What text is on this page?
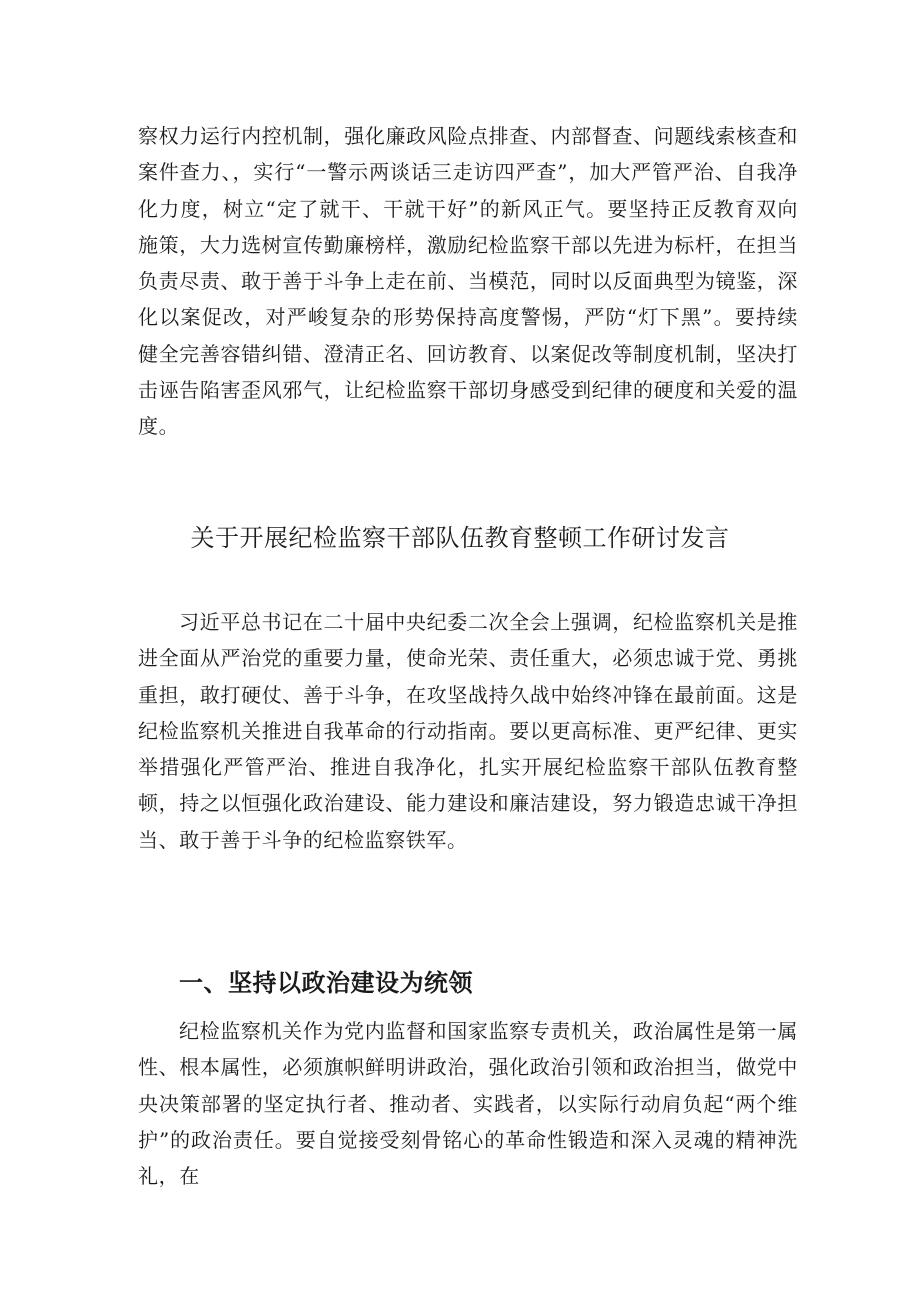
察权力运行内控机制，强化廉政风险点排查、内部督查、问题线索核查和案件查力、，实行“一警示两谈话三走访四严查”，加大严管严治、自我净化力度，树立“定了就干、干就干好”的新风正气。要坚持正反教育双向施策，大力选树宣传勤廉榜样，激励纪检监察干部以先进为标杆，在担当负责尽责、敢于善于斗争上走在前、当模范，同时以反面典型为镜鉴，深化以案促改，对严峻复杂的形势保持高度警惕，严防“灯下黑”。要持续健全完善容错纠错、澄清正名、回访教育、以案促改等制度机制，坚决打击诬告陷害歪风邪气，让纪检监察干部切身感受到纪律的硬度和关爱的温度。

关于开展纪检监察干部队伍教育整顿工作研讨发言

习近平总书记在二十届中央纪委二次全会上强调，纪检监察机关是推进全面从严治党的重要力量，使命光荣、责任重大，必须忠诚于党、勇挑重担，敢打硬仗、善于斗争，在攻坚战持久战中始终冲锋在最前面。这是纪检监察机关推进自我革命的行动指南。要以更高标准、更严纪律、更实举措强化严管严治、推进自我净化，扎实开展纪检监察干部队伍教育整顿，持之以恒强化政治建设、能力建设和廉洁建设，努力锻造忠诚干净担当、敢于善于斗争的纪检监察铁军。

一、坚持以政治建设为统领

纪检监察机关作为党内监督和国家监察专责机关，政治属性是第一属性、根本属性，必须旗帜鲜明讲政治，强化政治引领和政治担当，做党中央决策部署的坚定执行者、推动者、实践者，以实际行动肩负起“两个维护”的政治责任。要自觉接受刻骨铭心的革命性锻造和深入灵魂的精神洗礼，在
